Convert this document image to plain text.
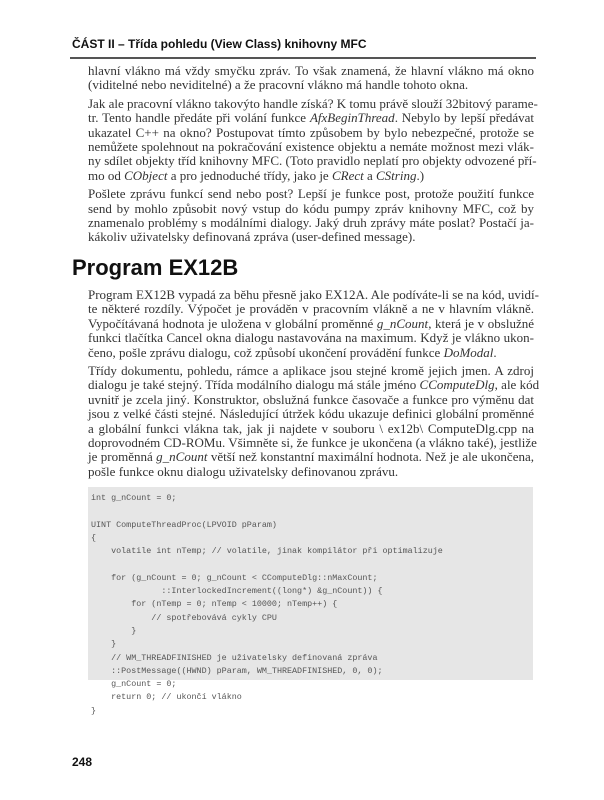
ČÁST II – Třída pohledu (View Class) knihovny MFC
hlavní vlákno má vždy smyčku zpráv. To však znamená, že hlavní vlákno má okno
(viditelné nebo neviditelné) a že pracovní vlákno má handle tohoto okna.
Jak ale pracovní vlákno takovýto handle získá? K tomu právě slouží 32bitový parame-
tr. Tento handle předáte při volání funkce AfxBeginThread. Nebylo by lepší předávat
ukazatel C++ na okno? Postupovat tímto způsobem by bylo nebezpečné, protože se
nemůžete spolehnout na pokračování existence objektu a nemáte možnost mezi vlák-
ny sdílet objekty tříd knihovny MFC. (Toto pravidlo neplatí pro objekty odvozené pří-
mo od CObject a pro jednoduché třídy, jako je CRect a CString.)
Pošlete zprávu funkcí send nebo post? Lepší je funkce post, protože použití funkce
send by mohlo způsobit nový vstup do kódu pumpy zpráv knihovny MFC, což by
znamenalo problémy s modálními dialogy. Jaký druh zprávy máte poslat? Postačí ja-
kákoliv uživatelsky definovaná zpráva (user-defined message).
Program EX12B
Program EX12B vypadá za běhu přesně jako EX12A. Ale podíváte-li se na kód, uvidí-
te některé rozdíly. Výpočet je prováděn v pracovním vlákně a ne v hlavním vlákně.
Vypočítávaná hodnota je uložena v globální proměnné g_nCount, která je v obslužné
funkci tlačítka Cancel okna dialogu nastavována na maximum. Když je vlákno ukon-
čeno, pošle zprávu dialogu, což způsobí ukončení provádění funkce DoModal.
Třídy dokumentu, pohledu, rámce a aplikace jsou stejné kromě jejich jmen. A zdroj
dialogu je také stejný. Třída modálního dialogu má stále jméno CComputeDlg, ale kód
uvnitř je zcela jiný. Konstruktor, obslužná funkce časovače a funkce pro výměnu dat
jsou z velké části stejné. Následující útržek kódu ukazuje definici globální proměnné
a globální funkci vlákna tak, jak ji najdete v souboru \ ex12b\ ComputeDlg.cpp na
doprovodném CD-ROMu. Všimněte si, že funkce je ukončena (a vlákno také), jestliže
je proměnná g_nCount větší než konstantní maximální hodnota. Než je ale ukončena,
pošle funkce oknu dialogu uživatelsky definovanou zprávu.
int g_nCount = 0;

UINT ComputeThreadProc(LPVOID pParam)
{
volatile int nTemp; // volatile, jinak kompilátor při optimalizuje

for (g_nCount = 0; g_nCount < CComputeDlg::nMaxCount;
::InterlockedIncrement((long*) &g_nCount)) {
for (nTemp = 0; nTemp < 10000; nTemp++) {
// spotřebovává cykly CPU
}
}
// WM_THREADFINISHED je uživatelsky definovaná zpráva
::PostMessage((HWND) pParam, WM_THREADFINISHED, 0, 0);
g_nCount = 0;
return 0; // ukončí vlákno
}
248
